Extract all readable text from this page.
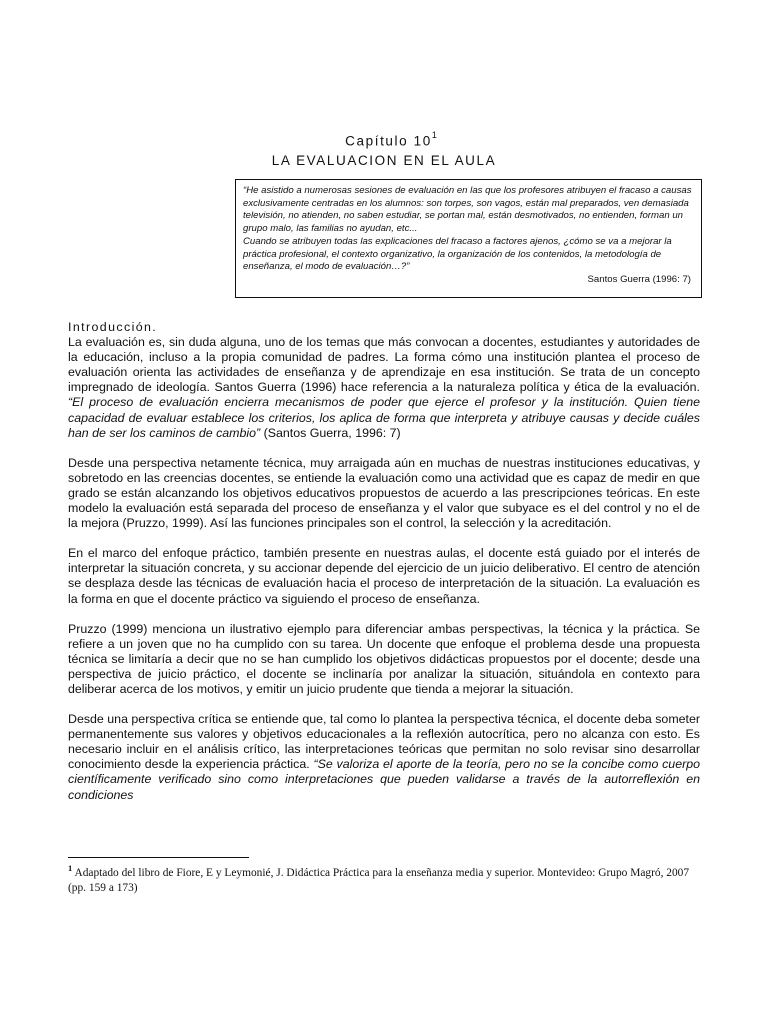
Capítulo $10^1$
LA EVALUACION EN EL AULA

“He asistido a numerosas sesiones de evaluación en las que los profesores atribuyen el fracaso a causas exclusivamente centradas en los alumnos: son torpes, son vagos, están mal preparados, ven demasiada televisión, no atienden, no saben estudiar, se portan mal, están desmotivados, no entienden, forman un grupo malo, las familias no ayudan, etc...

Cuando se atribuyen todas las explicaciones del fracaso a factores ajenos, ¿cómo se va a mejorar la práctica profesional, el contexto organizativo, la organización de los contenidos, la metodología de enseñanza, el modo de evaluación…?”

Santos Guerra (1996: 7)

Introducción.
La evaluación es, sin duda alguna, uno de los temas que más convocan a docentes, estudiantes y autoridades de la educación, incluso a la propia comunidad de padres. La forma cómo una institución plantea el proceso de evaluación orienta las actividades de enseñanza y de aprendizaje en esa institución. Se trata de un concepto impregnado de ideología. Santos Guerra (1996) hace referencia a la naturaleza política y ética de la evaluación. “El proceso de evaluación encierra mecanismos de poder que ejerce el profesor y la institución. Quien tiene capacidad de evaluar establece los criterios, los aplica de forma que interpreta y atribuye causas y decide cuáles han de ser los caminos de cambio” (Santos Guerra, 1996: 7)

Desde una perspectiva netamente técnica, muy arraigada aún en muchas de nuestras instituciones educativas, y sobretodo en las creencias docentes, se entiende la evaluación como una actividad que es capaz de medir en que grado se están alcanzando los objetivos educativos propuestos de acuerdo a las prescripciones teóricas. En este modelo la evaluación está separada del proceso de enseñanza y el valor que subyace es el del control y no el de la mejora (Pruzzo, 1999). Así las funciones principales son el control, la selección y la acreditación.

En el marco del enfoque práctico, también presente en nuestras aulas, el docente está guiado por el interés de interpretar la situación concreta, y su accionar depende del ejercicio de un juicio deliberativo. El centro de atención se desplaza desde las técnicas de evaluación hacia el proceso de interpretación de la situación. La evaluación es la forma en que el docente práctico va siguiendo el proceso de enseñanza.

Pruzzo (1999) menciona un ilustrativo ejemplo para diferenciar ambas perspectivas, la técnica y la práctica. Se refiere a un joven que no ha cumplido con su tarea. Un docente que enfoque el problema desde una propuesta técnica se limitaría a decir que no se han cumplido los objetivos didácticas propuestos por el docente; desde una perspectiva de juicio práctico, el docente se inclinaría por analizar la situación, situándola en contexto para deliberar acerca de los motivos, y emitir un juicio prudente que tienda a mejorar la situación.

Desde una perspectiva crítica se entiende que, tal como lo plantea la perspectiva técnica, el docente deba someter permanentemente sus valores y objetivos educacionales a la reflexión autocrítica, pero no alcanza con esto. Es necesario incluir en el análisis crítico, las interpretaciones teóricas que permitan no solo revisar sino desarrollar conocimiento desde la experiencia práctica. “Se valoriza el aporte de la teoría, pero no se la concibe como cuerpo científicamente verificado sino como interpretaciones que pueden validarse a través de la autorreflexión en condiciones

$^1$ Adaptado del libro de Fiore, E y Leymonié, J. Didáctica Práctica para la enseñanza media y superior. Montevideo: Grupo Magró, 2007 (pp. 159 a 173)
